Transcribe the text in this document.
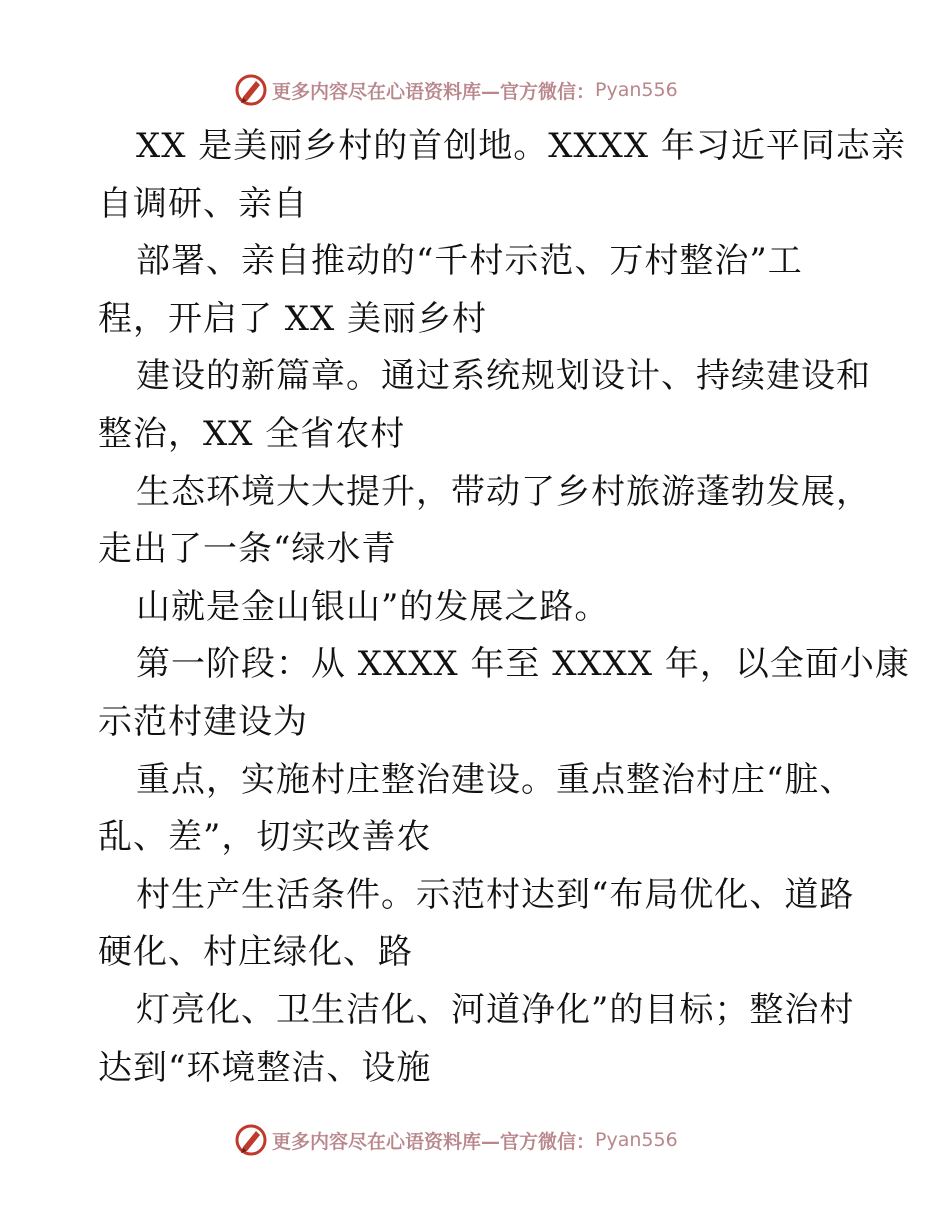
更多内容尽在心语资料库—官方微信： Pyan556
XX 是美丽乡村的首创地。XXXX 年习近平同志亲
自调研、亲自
部署、亲自推动的“千村示范、万村整治”工
程，开启了 XX 美丽乡村
建设的新篇章。通过系统规划设计、持续建设和
整治，XX 全省农村
生态环境大大提升，带动了乡村旅游蓬勃发展，
走出了一条“绿水青
山就是金山银山”的发展之路。
第一阶段：从 XXXX 年至 XXXX 年，以全面小康
示范村建设为
重点，实施村庄整治建设。重点整治村庄“脏、
乱、差”，切实改善农
村生产生活条件。示范村达到“布局优化、道路
硬化、村庄绿化、路
灯亮化、卫生洁化、河道净化”的目标；整治村
达到“环境整洁、设施
更多内容尽在心语资料库—官方微信： Pyan556
